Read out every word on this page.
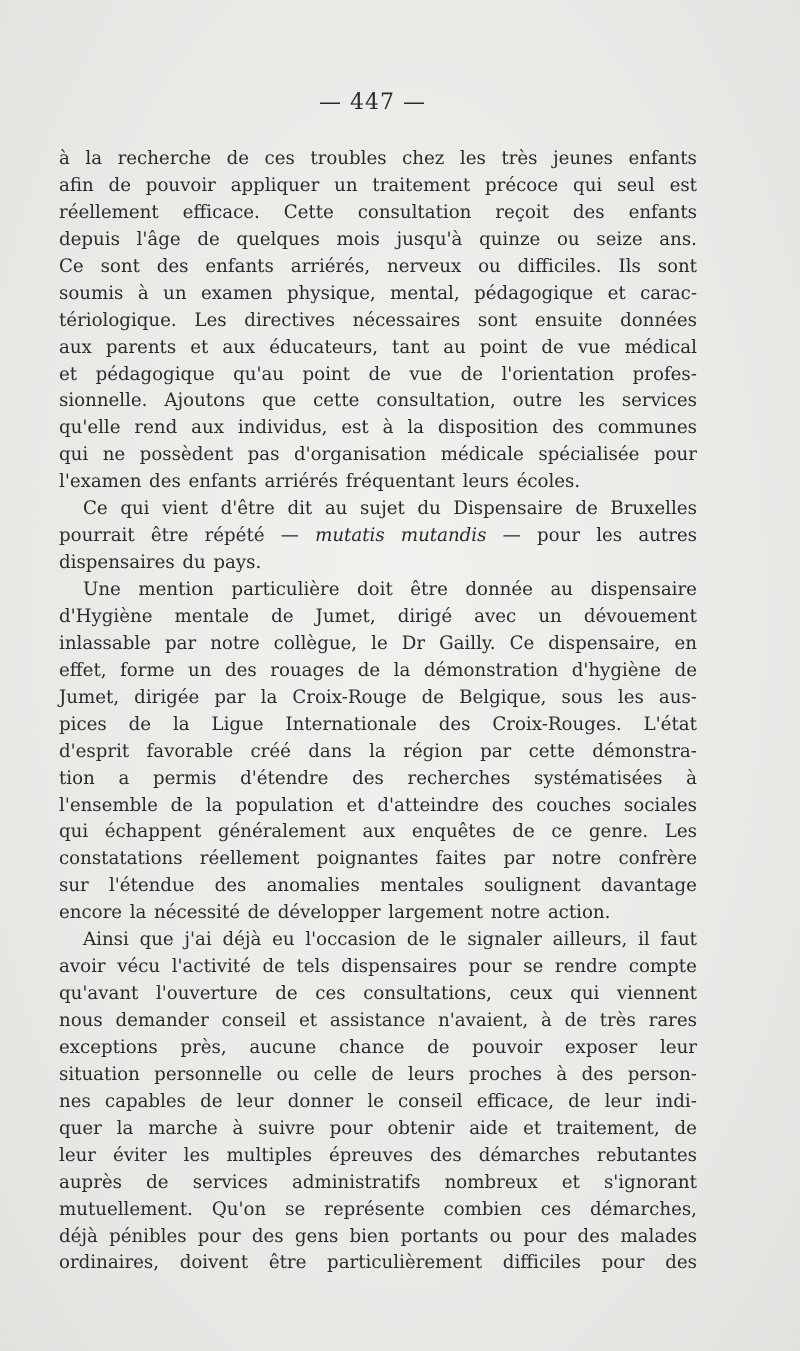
— 447 —
à la recherche de ces troubles chez les très jeunes enfants
afin de pouvoir appliquer un traitement précoce qui seul est
réellement efficace. Cette consultation reçoit des enfants
depuis l'âge de quelques mois jusqu'à quinze ou seize ans.
Ce sont des enfants arriérés, nerveux ou difficiles. Ils sont
soumis à un examen physique, mental, pédagogique et carac-
tériologique. Les directives nécessaires sont ensuite données
aux parents et aux éducateurs, tant au point de vue médical
et pédagogique qu'au point de vue de l'orientation profes-
sionnelle. Ajoutons que cette consultation, outre les services
qu'elle rend aux individus, est à la disposition des communes
qui ne possèdent pas d'organisation médicale spécialisée pour
l'examen des enfants arriérés fréquentant leurs écoles.
Ce qui vient d'être dit au sujet du Dispensaire de Bruxelles
pourrait être répété — mutatis mutandis — pour les autres
dispensaires du pays.
Une mention particulière doit être donnée au dispensaire
d'Hygiène mentale de Jumet, dirigé avec un dévouement
inlassable par notre collègue, le Dr Gailly. Ce dispensaire, en
effet, forme un des rouages de la démonstration d'hygiène de
Jumet, dirigée par la Croix-Rouge de Belgique, sous les aus-
pices de la Ligue Internationale des Croix-Rouges. L'état
d'esprit favorable créé dans la région par cette démonstra-
tion a permis d'étendre des recherches systématisées à
l'ensemble de la population et d'atteindre des couches sociales
qui échappent généralement aux enquêtes de ce genre. Les
constatations réellement poignantes faites par notre confrère
sur l'étendue des anomalies mentales soulignent davantage
encore la nécessité de développer largement notre action.
Ainsi que j'ai déjà eu l'occasion de le signaler ailleurs, il faut
avoir vécu l'activité de tels dispensaires pour se rendre compte
qu'avant l'ouverture de ces consultations, ceux qui viennent
nous demander conseil et assistance n'avaient, à de très rares
exceptions près, aucune chance de pouvoir exposer leur
situation personnelle ou celle de leurs proches à des person-
nes capables de leur donner le conseil efficace, de leur indi-
quer la marche à suivre pour obtenir aide et traitement, de
leur éviter les multiples épreuves des démarches rebutantes
auprès de services administratifs nombreux et s'ignorant
mutuellement. Qu'on se représente combien ces démarches,
déjà pénibles pour des gens bien portants ou pour des malades
ordinaires, doivent être particulièrement difficiles pour des
